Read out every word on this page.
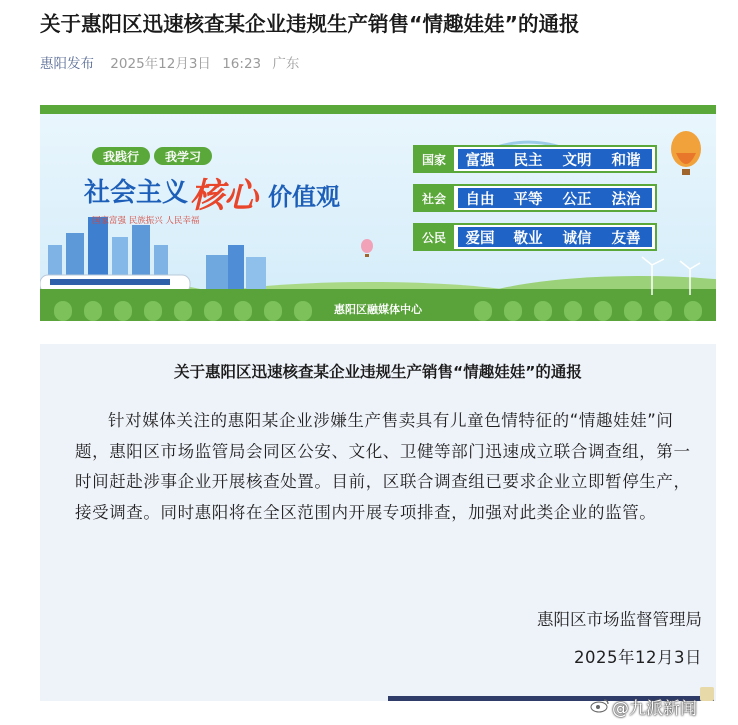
关于惠阳区迅速核查某企业违规生产销售“情趣娃娃”的通报
惠阳发布 2025年12月3日 16:23 广东
我践行 我学习
社会主义 核心 价值观
国家富强 民族振兴 人民幸福
国家 富强 民主 文明 和谐
社会 自由 平等 公正 法治
公民 爱国 敬业 诚信 友善
惠阳区融媒体中心
关于惠阳区迅速核查某企业违规生产销售“情趣娃娃”的通报
针对媒体关注的惠阳某企业涉嫌生产售卖具有儿童色情特征的“情趣娃娃”问题，惠阳区市场监管局会同区公安、文化、卫健等部门迅速成立联合调查组，第一时间赶赴涉事企业开展核查处置。目前，区联合调查组已要求企业立即暂停生产，接受调查。同时惠阳将在全区范围内开展专项排查，加强对此类企业的监管。
惠阳区市场监督管理局
2025年12月3日
@九派新闻
